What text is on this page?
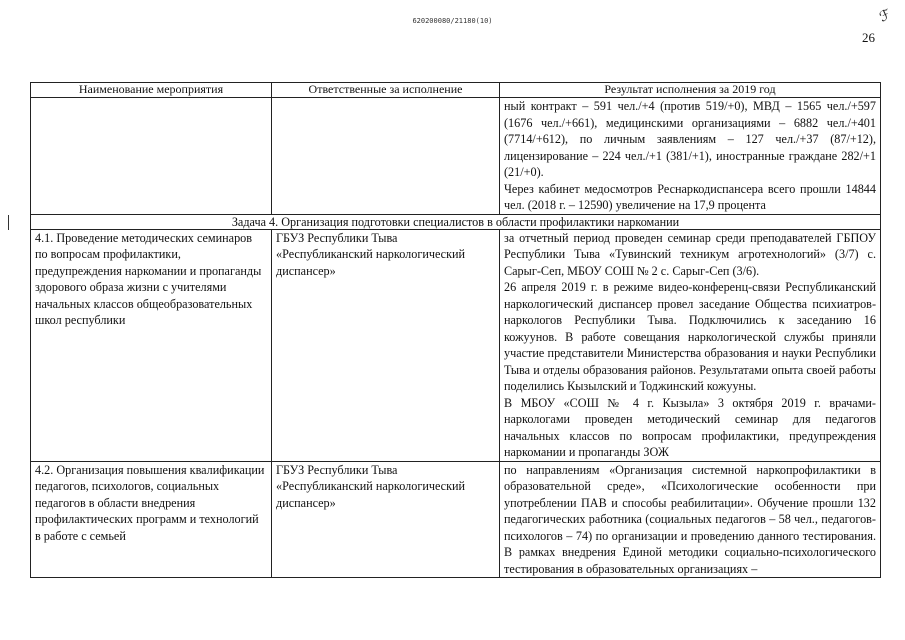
620200080/21180(10)	ℱ
26
Наименование мероприятия	Ответственные за исполнение	Результат исполнения за 2019 год

		ный контракт – 591 чел./+4 (против 519/+0), МВД – 1565 чел./+597 (1676 чел./+661), медицинскими организациями – 6882 чел./+401 (7714/+612), по личным заявлениям – 127 чел./+37 (87/+12), лицензирование – 224 чел./+1 (381/+1), иностранные граждане 282/+1 (21/+0).

Через кабинет медосмотров Реснаркодиспансера всего прошли 14844 чел. (2018 г. – 12590) увеличение на 17,9 процента

Задача 4. Организация подготовки специалистов в области профилактики наркомании		
4.1. Проведение методических семинаров по вопросам профилактики, предупреждения наркомании и пропаганды здорового образа жизни с учителями начальных классов общеобразовательных школ республики	ГБУЗ Республики Тыва «Республиканский наркологический диспансер»	за отчетный период проведен семинар среди преподавателей ГБПОУ Республики Тыва «Тувинский техникум агротехнологий» (3/7) с. Сарыг-Сеп, МБОУ СОШ № 2 с. Сарыг-Сеп (3/6).

26 апреля 2019 г. в режиме видео-конференц-связи Республиканский наркологический диспансер провел заседание Общества психиатров-наркологов Республики Тыва. Подключились к заседанию 16 кожуунов. В работе совещания наркологической службы приняли участие представители Министерства образования и науки Республики Тыва и отделы образования районов. Результатами опыта своей работы поделились Кызылский и Тоджинский кожууны.

В МБОУ «СОШ № 4 г. Кызыла» 3 октября 2019 г. врачами-наркологами проведен методический семинар для педагогов начальных классов по вопросам профилактики, предупреждения наркомании и пропаганды ЗОЖ

4.2. Организация повышения квалификации педагогов, психологов, социальных педагогов в области внедрения профилактических программ и технологий в работе с семьей	ГБУЗ Республики Тыва «Республиканский наркологический диспансер»	по направлениям «Организация системной наркопрофилактики в образовательной среде», «Психологические особенности при употреблении ПАВ и способы реабилитации». Обучение прошли 132 педагогических работника (социальных педагогов – 58 чел., педагогов-психологов – 74) по организации и проведению данного тестирования. В рамках внедрения Единой методики социально-психологического тестирования в образовательных организациях –
